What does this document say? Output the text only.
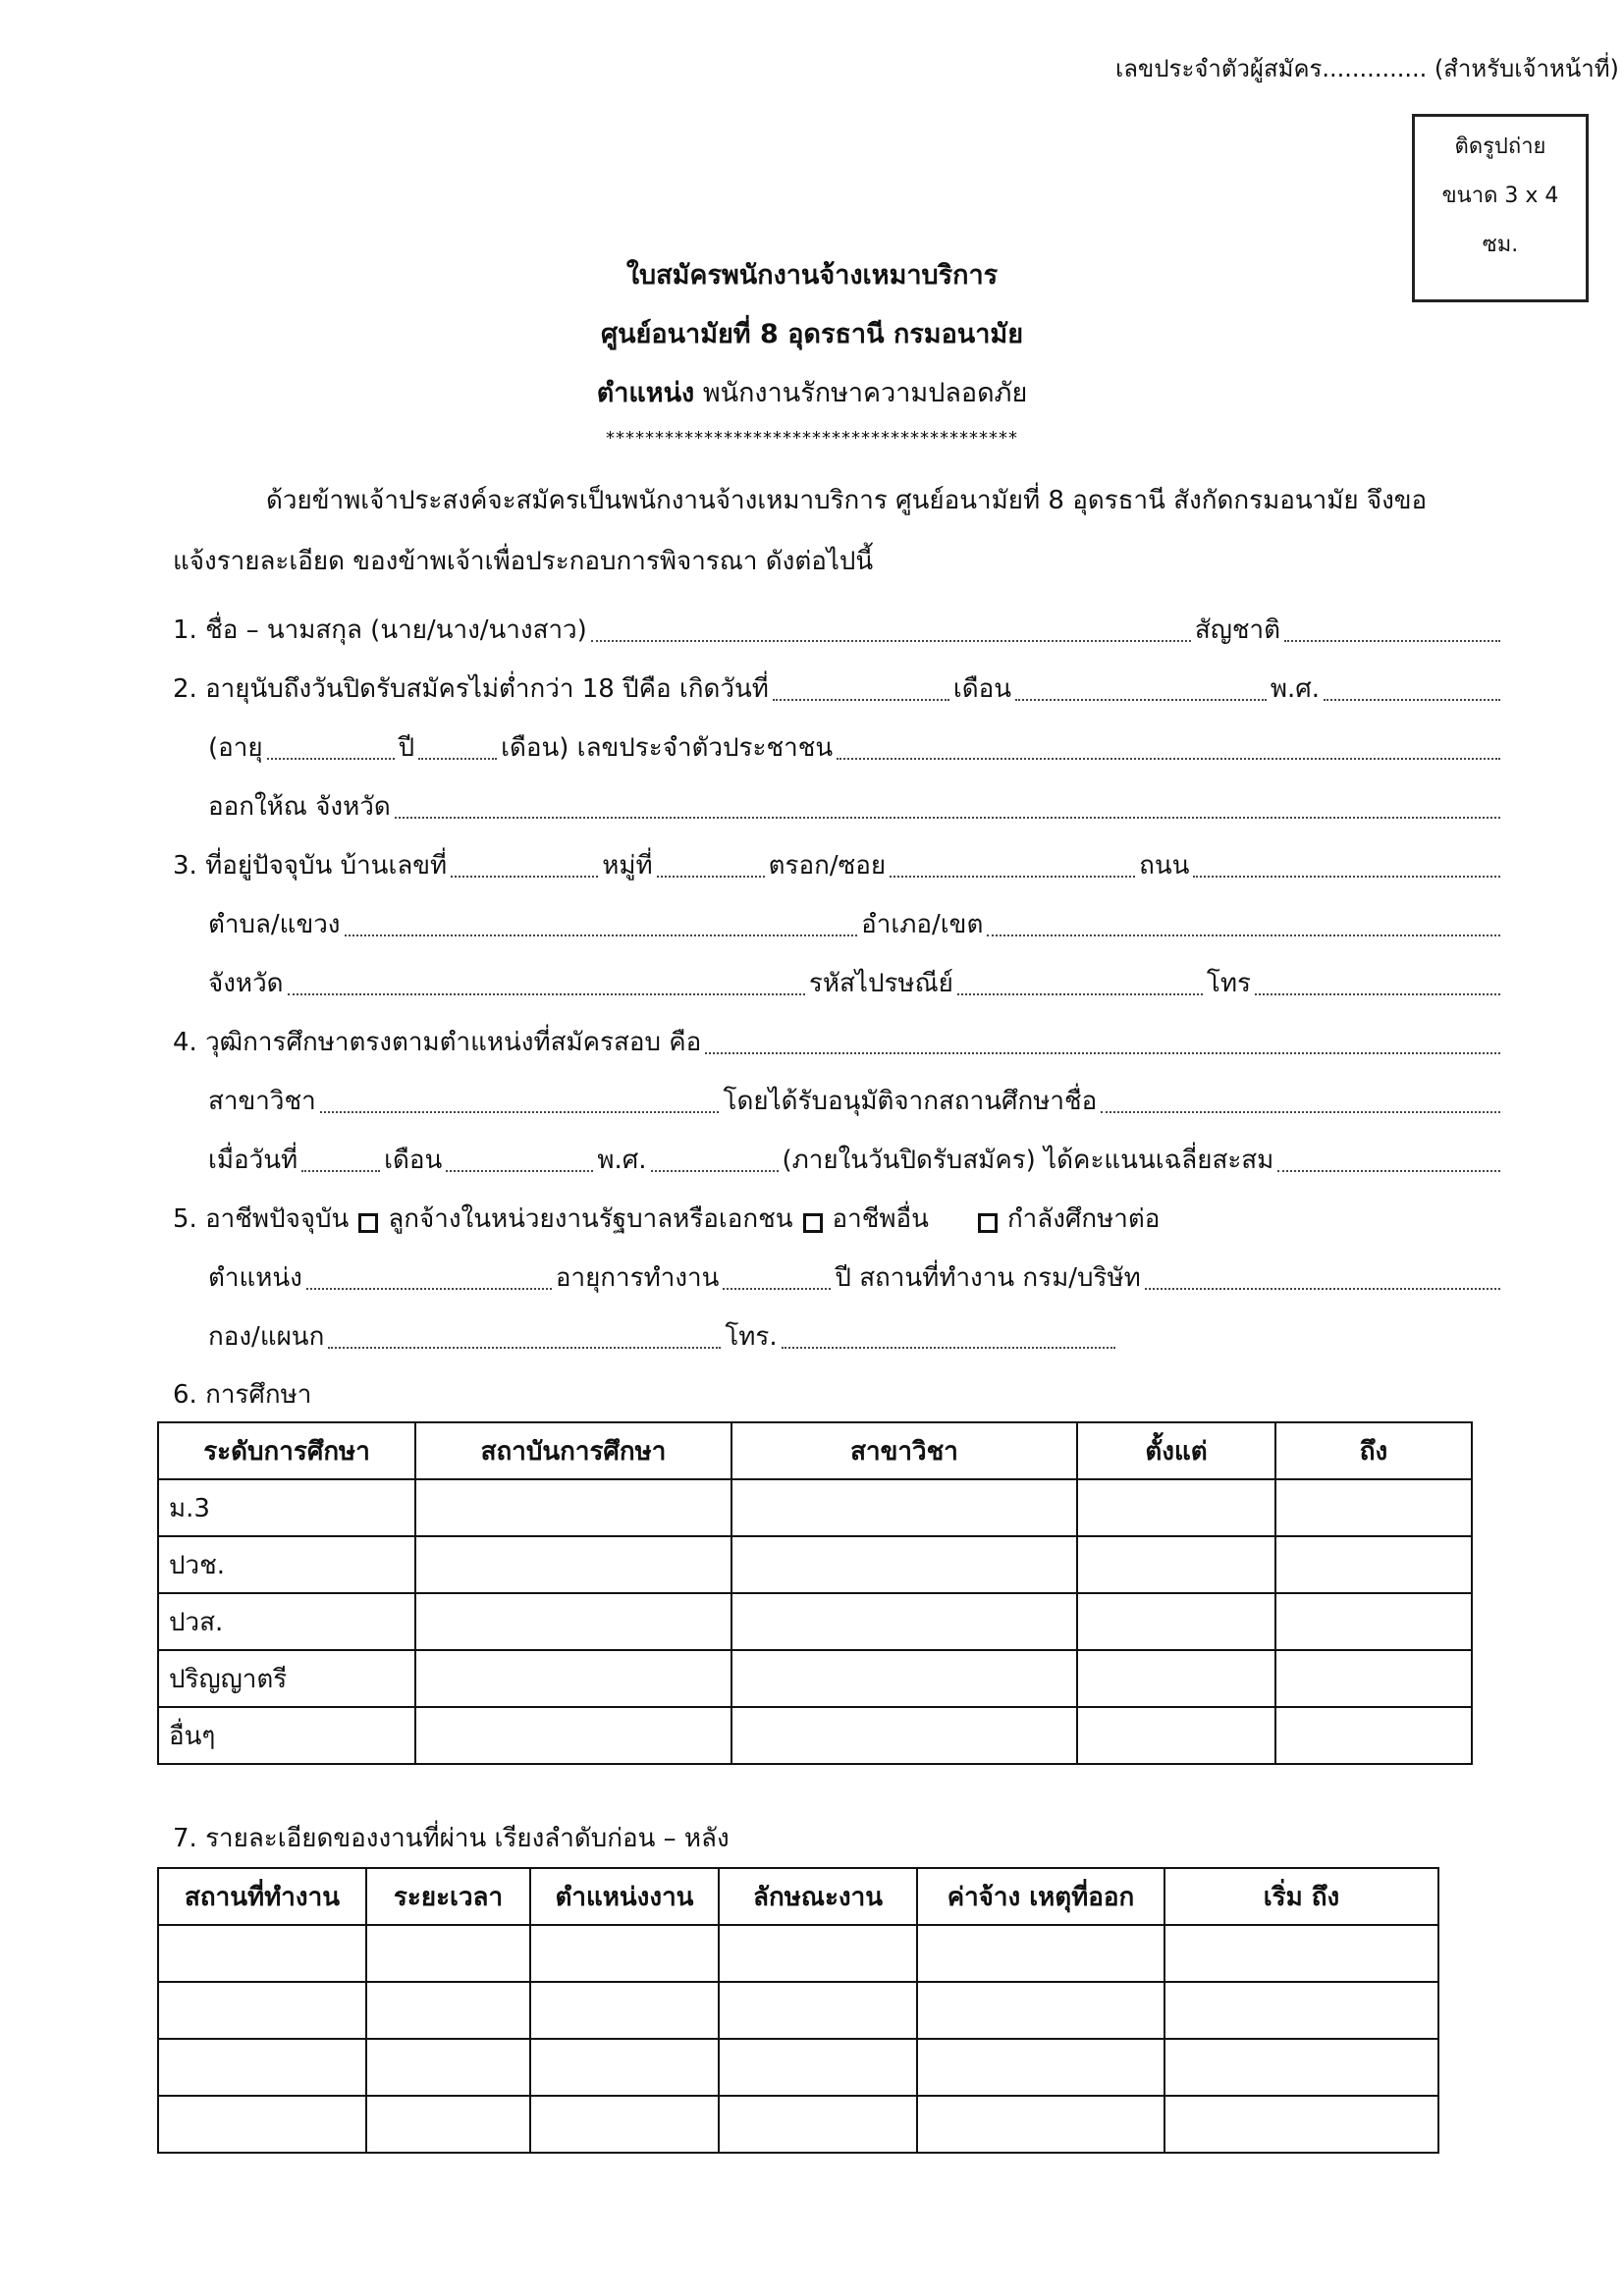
เลขประจำตัวผู้สมัคร.............. (สำหรับเจ้าหน้าที่)
ติดรูปถ่าย
ขนาด 3 x 4
ซม.
ใบสมัครพนักงานจ้างเหมาบริการ
ศูนย์อนามัยที่ 8 อุดรธานี กรมอนามัย
ตำแหน่ง พนักงานรักษาความปลอดภัย
******************************************
ด้วยข้าพเจ้าประสงค์จะสมัครเป็นพนักงานจ้างเหมาบริการ ศูนย์อนามัยที่ 8 อุดรธานี สังกัดกรมอนามัย จึงขอ
แจ้งรายละเอียด ของข้าพเจ้าเพื่อประกอบการพิจารณา ดังต่อไปนี้
1. ชื่อ – นามสกุล (นาย/นาง/นางสาว)	สัญชาติ
2. อายุนับถึงวันปิดรับสมัครไม่ต่ำกว่า 18 ปีคือ เกิดวันที่	เดือน	พ.ศ.
(อายุ	ปี	เดือน) เลขประจำตัวประชาชน
ออกให้ณ จังหวัด
3. ที่อยู่ปัจจุบัน บ้านเลขที่	หมู่ที่	ตรอก/ซอย	ถนน
ตำบล/แขวง	อำเภอ/เขต
จังหวัด	รหัสไปรษณีย์	โทร
4. วุฒิการศึกษาตรงตามตำแหน่งที่สมัครสอบ คือ
สาขาวิชา	โดยได้รับอนุมัติจากสถานศึกษาชื่อ
เมื่อวันที่	เดือน	พ.ศ.	(ภายในวันปิดรับสมัคร) ได้คะแนนเฉลี่ยสะสม
5. อาชีพปัจจุบัน ลูกจ้างในหน่วยงานรัฐบาลหรือเอกชน อาชีพอื่น	กำลังศึกษาต่อ
ตำแหน่ง	อายุการทำงาน	ปี สถานที่ทำงาน กรม/บริษัท
กอง/แผนก	โทร.
6. การศึกษา
ระดับการศึกษา	สถาบันการศึกษา	สาขาวิชา	ตั้งแต่	ถึง
ม.3				
ปวช.				
ปวส.				
ปริญญาตรี				
อื่นๆ				
7. รายละเอียดของงานที่ผ่าน เรียงลำดับก่อน – หลัง
สถานที่ทำงาน	ระยะเวลา	ตำแหน่งงาน	ลักษณะงาน	ค่าจ้าง เหตุที่ออก	เริ่ม ถึง
